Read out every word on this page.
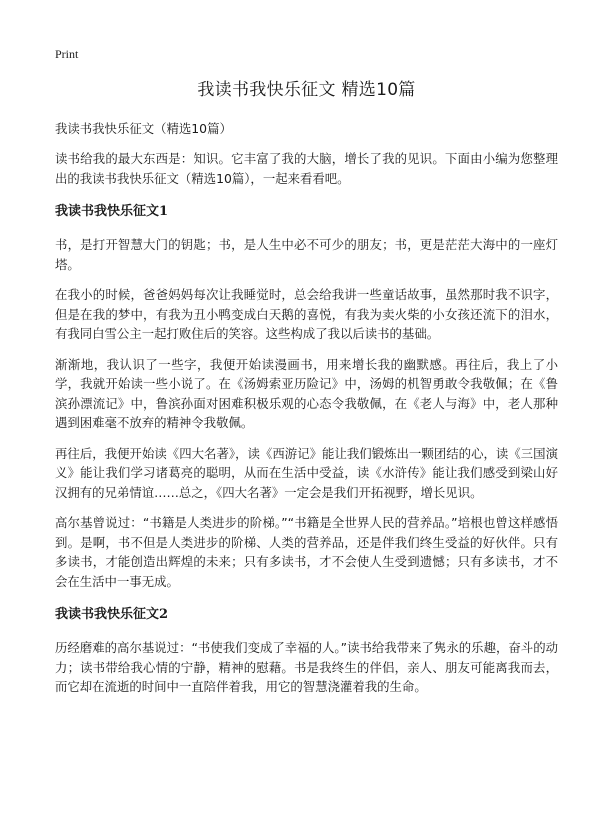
Print
我读书我快乐征文 精选10篇
我读书我快乐征文（精选10篇）

读书给我的最大东西是：知识。它丰富了我的大脑，增长了我的见识。下面由小编为您整理出的我读书我快乐征文（精选10篇），一起来看看吧。

我读书我快乐征文1

书，是打开智慧大门的钥匙；书，是人生中必不可少的朋友；书，更是茫茫大海中的一座灯塔。

在我小的时候，爸爸妈妈每次让我睡觉时，总会给我讲一些童话故事，虽然那时我不识字，但是在我的梦中，有我为丑小鸭变成白天鹅的喜悦，有我为卖火柴的小女孩还流下的泪水，有我同白雪公主一起打败住后的笑容。这些构成了我以后读书的基础。

渐渐地，我认识了一些字，我便开始读漫画书，用来增长我的幽默感。再往后，我上了小学，我就开始读一些小说了。在《汤姆索亚历险记》中，汤姆的机智勇敢令我敬佩；在《鲁滨孙漂流记》中，鲁滨孙面对困难积极乐观的心态令我敬佩，在《老人与海》中，老人那种遇到困难毫不放弃的精神令我敬佩。

再往后，我便开始读《四大名著》，读《西游记》能让我们锻炼出一颗团结的心，读《三国演义》能让我们学习诸葛亮的聪明，从而在生活中受益，读《水浒传》能让我们感受到梁山好汉拥有的兄弟情谊……总之，《四大名著》一定会是我们开拓视野，增长见识。

高尔基曾说过：“书籍是人类进步的阶梯。”“书籍是全世界人民的营养品。”培根也曾这样感悟到。是啊，书不但是人类进步的阶梯、人类的营养品，还是伴我们终生受益的好伙伴。只有多读书，才能创造出辉煌的未来；只有多读书，才不会使人生受到遗憾；只有多读书，才不会在生活中一事无成。

我读书我快乐征文2

历经磨难的高尔基说过：“书使我们变成了幸福的人。”读书给我带来了隽永的乐趣，奋斗的动力；读书带给我心情的宁静，精神的慰藉。书是我终生的伴侣，亲人、朋友可能离我而去，而它却在流逝的时间中一直陪伴着我，用它的智慧浇灌着我的生命。
